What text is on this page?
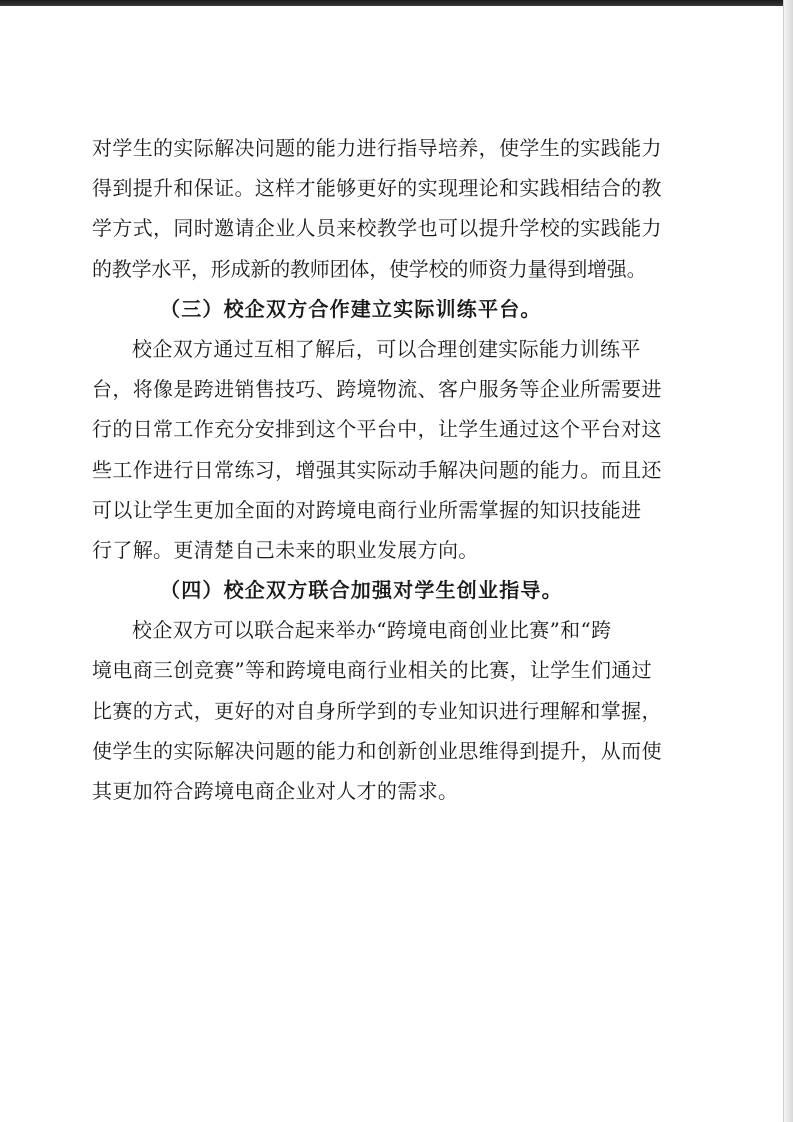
对学生的实际解决问题的能力进行指导培养，使学生的实践能力
得到提升和保证。这样才能够更好的实现理论和实践相结合的教
学方式，同时邀请企业人员来校教学也可以提升学校的实践能力
的教学水平，形成新的教师团体，使学校的师资力量得到增强。
（三）校企双方合作建立实际训练平台。
校企双方通过互相了解后，可以合理创建实际能力训练平
台，将像是跨进销售技巧、跨境物流、客户服务等企业所需要进
行的日常工作充分安排到这个平台中，让学生通过这个平台对这
些工作进行日常练习，增强其实际动手解决问题的能力。而且还
可以让学生更加全面的对跨境电商行业所需掌握的知识技能进
行了解。更清楚自己未来的职业发展方向。
（四）校企双方联合加强对学生创业指导。
校企双方可以联合起来举办“跨境电商创业比赛”和“跨
境电商三创竞赛”等和跨境电商行业相关的比赛，让学生们通过
比赛的方式，更好的对自身所学到的专业知识进行理解和掌握，
使学生的实际解决问题的能力和创新创业思维得到提升，从而使
其更加符合跨境电商企业对人才的需求。
